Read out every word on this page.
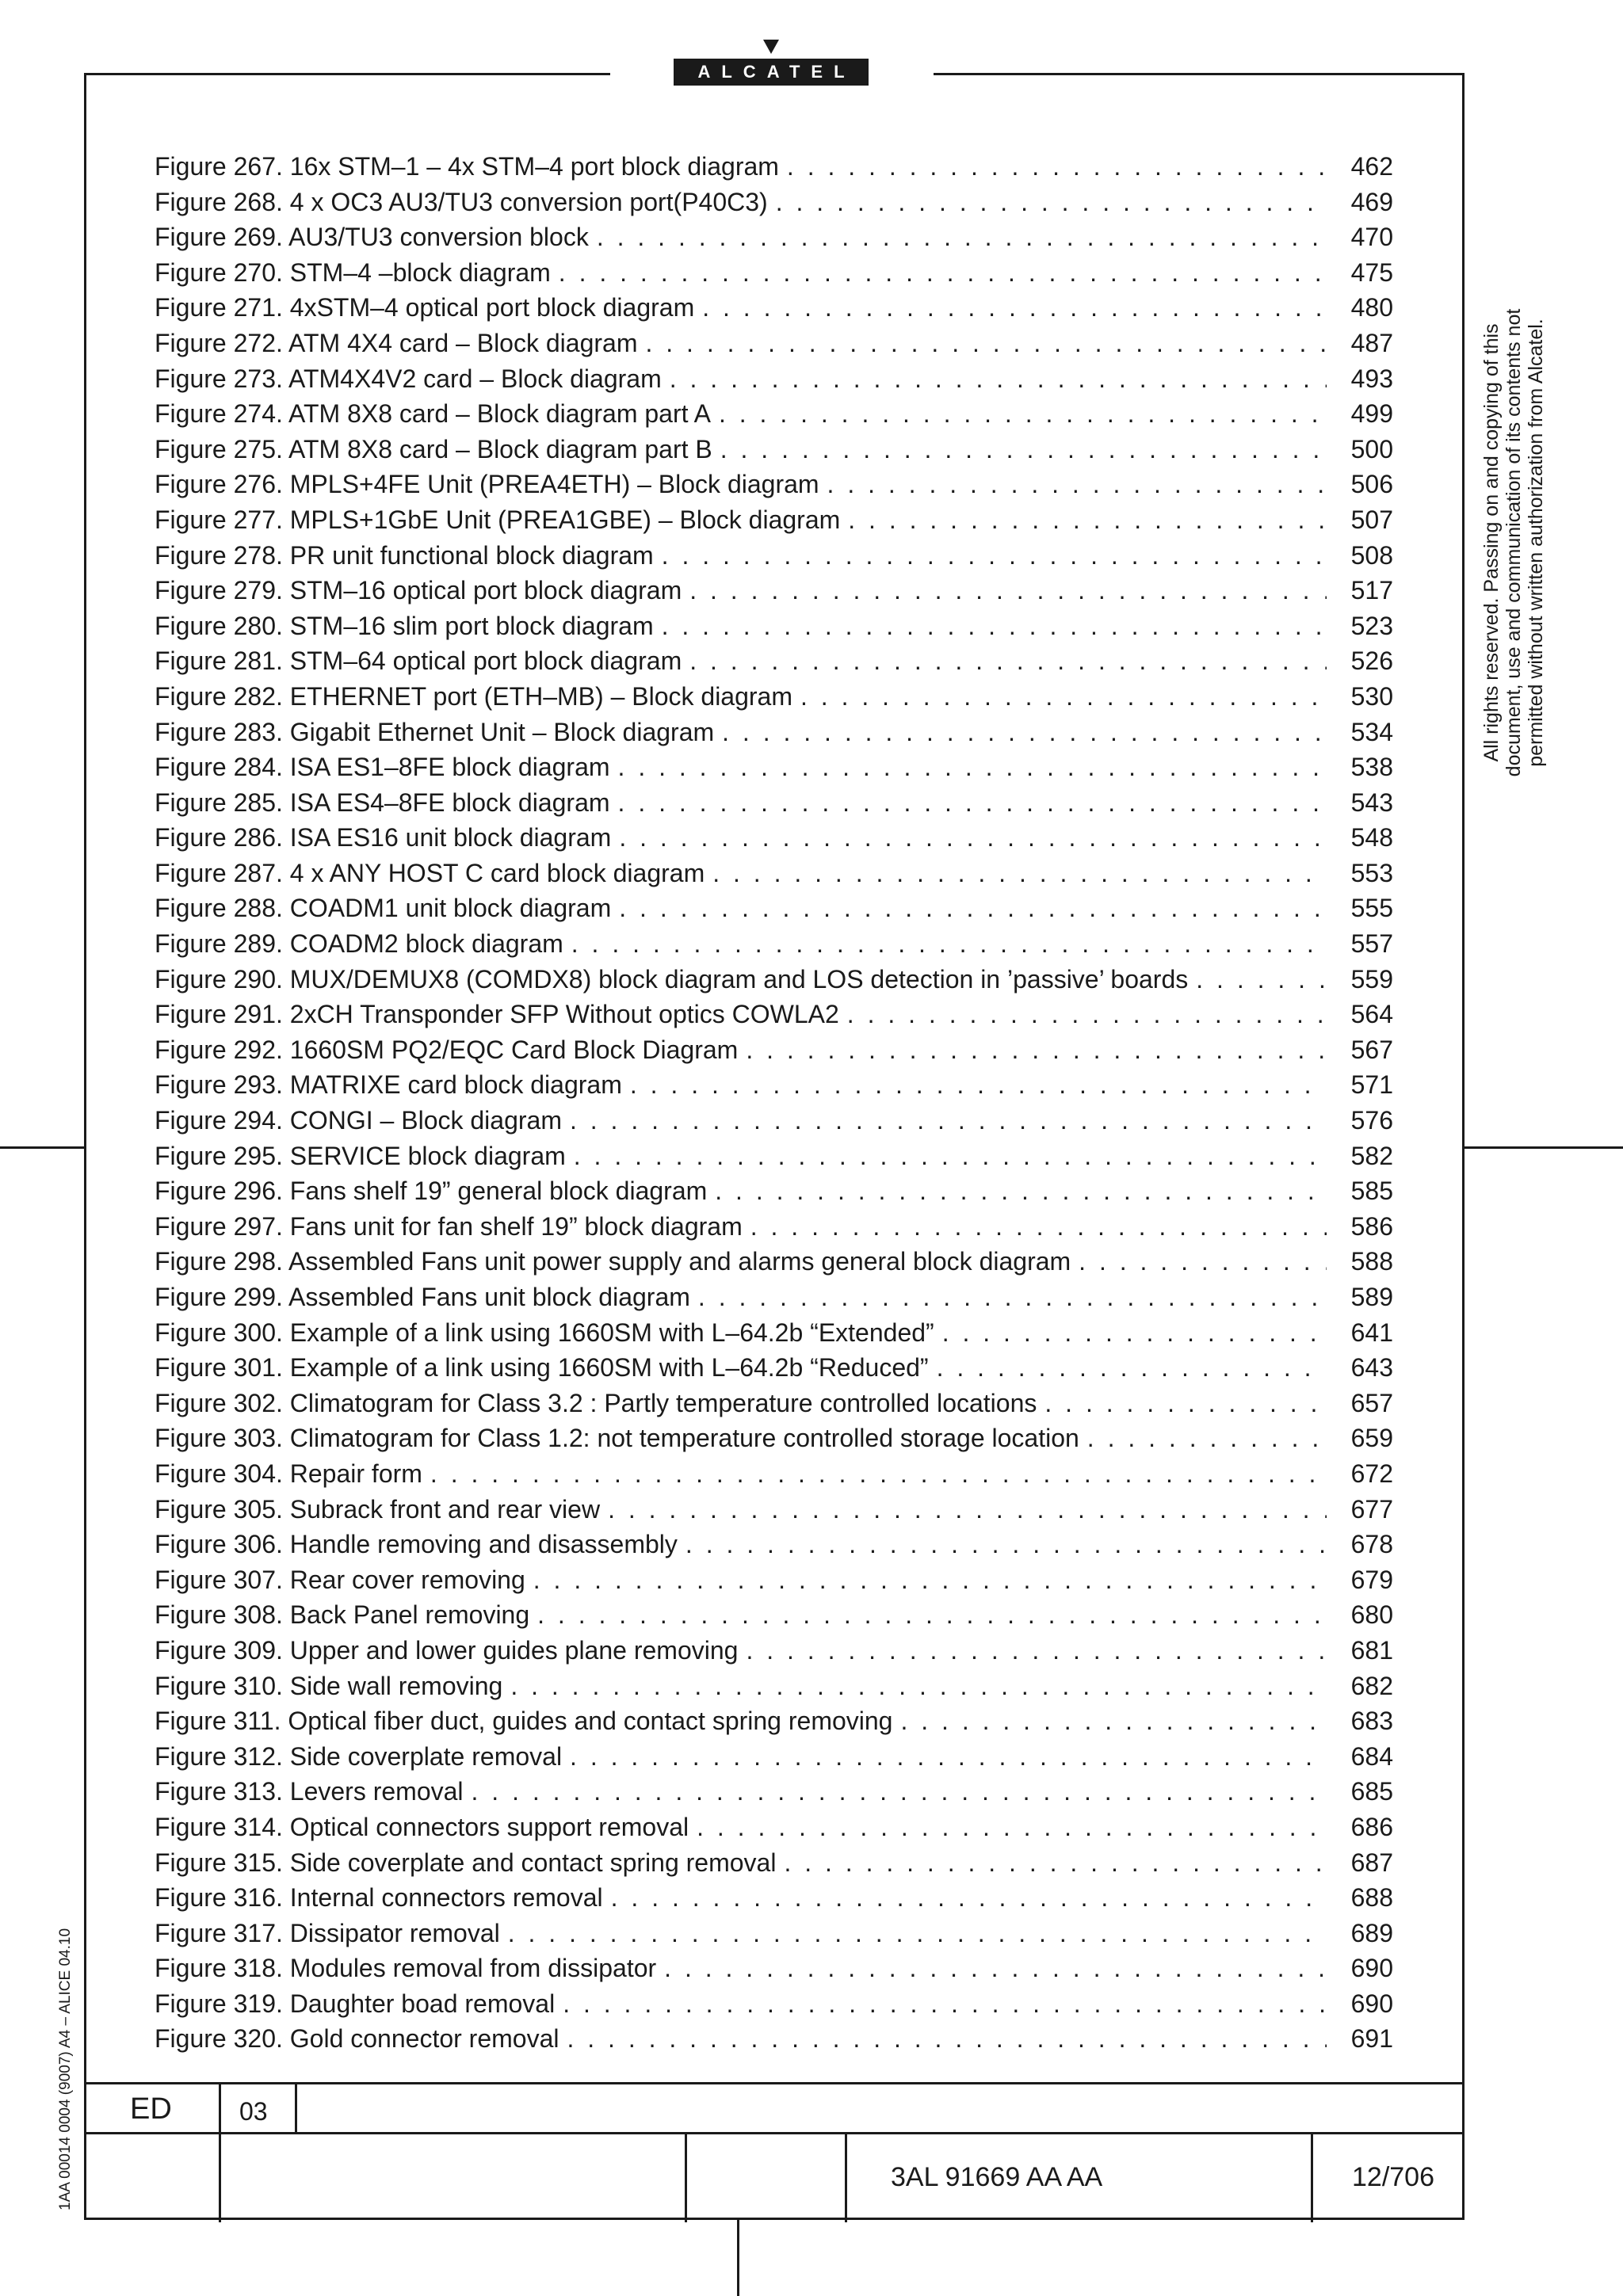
ALCATEL
Figure 267. 16x STM–1 – 4x STM–4 port block diagram . . .	462
Figure 268. 4 x OC3 AU3/TU3 conversion port(P40C3) . . .	469
Figure 269. AU3/TU3 conversion block . . .	470
Figure 270. STM–4 –block diagram . . .	475
Figure 271. 4xSTM–4 optical port block diagram . . .	480
Figure 272. ATM 4X4 card – Block diagram . . .	487
Figure 273. ATM4X4V2 card – Block diagram . . .	493
Figure 274. ATM 8X8 card – Block diagram part A . . .	499
Figure 275. ATM 8X8 card – Block diagram part B . . .	500
Figure 276. MPLS+4FE Unit (PREA4ETH) – Block diagram . . .	506
Figure 277. MPLS+1GbE Unit (PREA1GBE) – Block diagram . . .	507
Figure 278. PR unit functional block diagram . . .	508
Figure 279. STM–16 optical port block diagram . . .	517
Figure 280. STM–16 slim port block diagram . . .	523
Figure 281. STM–64 optical port block diagram . . .	526
Figure 282. ETHERNET port (ETH–MB) – Block diagram . . .	530
Figure 283. Gigabit Ethernet Unit – Block diagram . . .	534
Figure 284. ISA ES1–8FE block diagram . . .	538
Figure 285. ISA ES4–8FE block diagram . . .	543
Figure 286. ISA ES16 unit block diagram . . .	548
Figure 287. 4 x ANY HOST C card block diagram . . .	553
Figure 288. COADM1 unit block diagram . . .	555
Figure 289. COADM2 block diagram . . .	557
Figure 290. MUX/DEMUX8 (COMDX8) block diagram and LOS detection in ’passive’ boards . . .	559
Figure 291. 2xCH Transponder SFP Without optics COWLA2 . . .	564
Figure 292. 1660SM PQ2/EQC Card Block Diagram . . .	567
Figure 293. MATRIXE card block diagram . . .	571
Figure 294. CONGI – Block diagram . . .	576
Figure 295. SERVICE block diagram . . .	582
Figure 296. Fans shelf 19” general block diagram . . .	585
Figure 297. Fans unit for fan shelf 19” block diagram . . .	586
Figure 298. Assembled Fans unit power supply and alarms general block diagram . . .	588
Figure 299. Assembled Fans unit block diagram . . .	589
Figure 300. Example of a link using 1660SM with L–64.2b “Extended” . . .	641
Figure 301. Example of a link using 1660SM with L–64.2b “Reduced” . . .	643
Figure 302. Climatogram for Class 3.2 : Partly temperature controlled locations . . .	657
Figure 303. Climatogram for Class 1.2: not temperature controlled storage location . . .	659
Figure 304. Repair form . . .	672
Figure 305. Subrack front and rear view . . .	677
Figure 306. Handle removing and disassembly . . .	678
Figure 307. Rear cover removing . . .	679
Figure 308. Back Panel removing . . .	680
Figure 309. Upper and lower guides plane removing . . .	681
Figure 310. Side wall removing . . .	682
Figure 311. Optical fiber duct, guides and contact spring removing . . .	683
Figure 312. Side coverplate removal . . .	684
Figure 313. Levers removal . . .	685
Figure 314. Optical connectors support removal . . .	686
Figure 315. Side coverplate and contact spring removal . . .	687
Figure 316. Internal connectors removal . . .	688
Figure 317. Dissipator removal . . .	689
Figure 318. Modules removal from dissipator . . .	690
Figure 319. Daughter boad removal . . .	690
Figure 320. Gold connector removal . . .	691
All rights reserved. Passing on and copying of this document, use and communication of its contents not permitted without written authorization from Alcatel.
1AA 00014 0004 (9007) A4 – ALICE 04.10 ED	03
3AL 91669 AA AA	12/706
